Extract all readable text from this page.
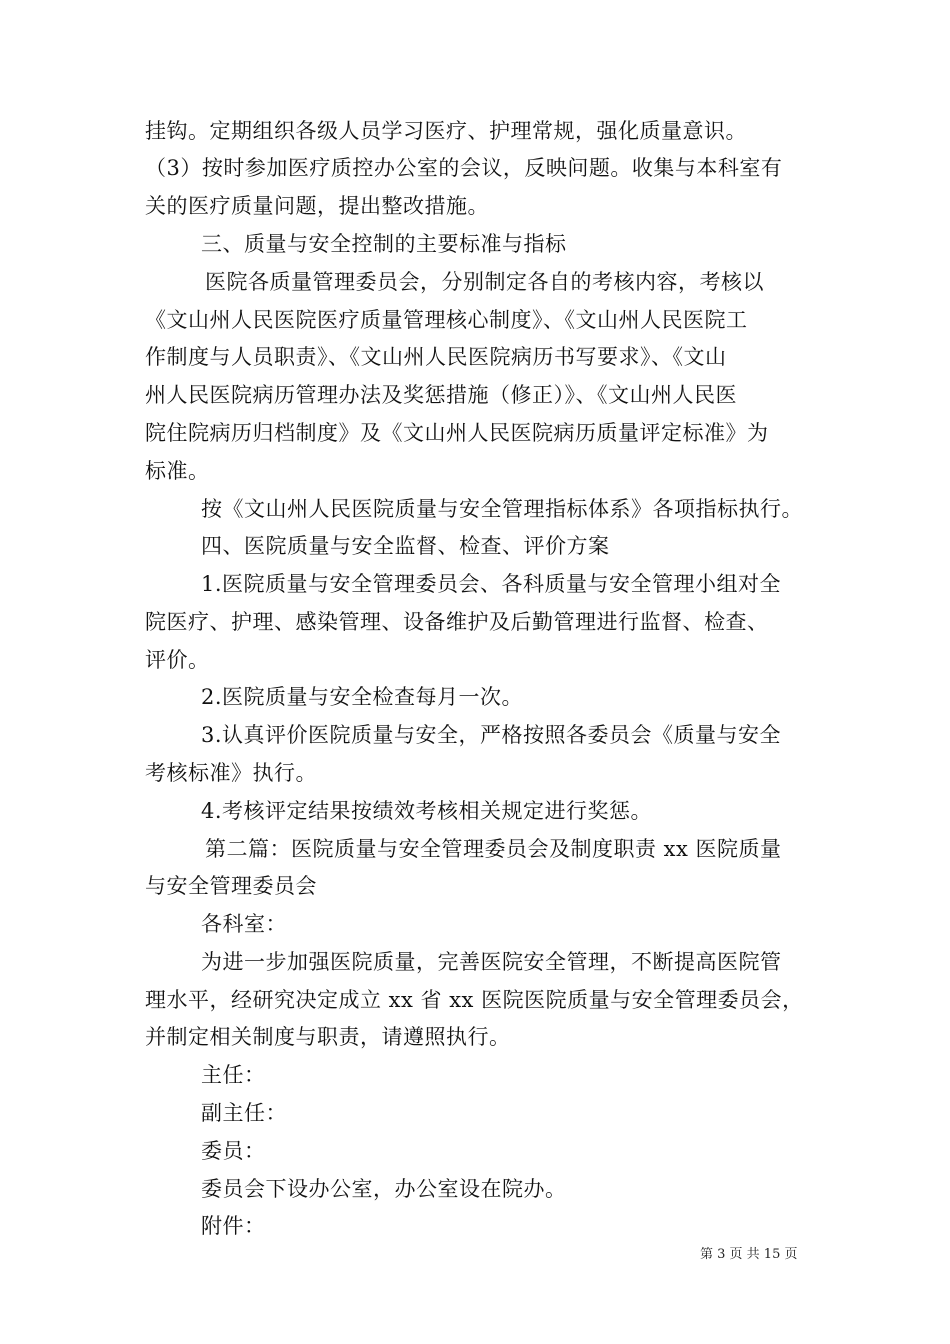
挂钩。定期组织各级人员学习医疗、护理常规，强化质量意识。
（3）按时参加医疗质控办公室的会议，反映问题。收集与本科室有
关的医疗质量问题，提出整改措施。
三、质量与安全控制的主要标准与指标
医院各质量管理委员会，分别制定各自的考核内容，考核以
《文山州人民医院医疗质量管理核心制度》、《文山州人民医院工
作制度与人员职责》、《文山州人民医院病历书写要求》、《文山
州人民医院病历管理办法及奖惩措施（修正）》、《文山州人民医
院住院病历归档制度》及《文山州人民医院病历质量评定标准》为
标准。
按《文山州人民医院质量与安全管理指标体系》各项指标执行。
四、医院质量与安全监督、检查、评价方案
1.医院质量与安全管理委员会、各科质量与安全管理小组对全
院医疗、护理、感染管理、设备维护及后勤管理进行监督、检查、
评价。
2.医院质量与安全检查每月一次。
3.认真评价医院质量与安全，严格按照各委员会《质量与安全
考核标准》执行。
4.考核评定结果按绩效考核相关规定进行奖惩。
第二篇：医院质量与安全管理委员会及制度职责 xx 医院质量
与安全管理委员会
各科室：
为进一步加强医院质量，完善医院安全管理，不断提高医院管
理水平，经研究决定成立 xx 省 xx 医院医院质量与安全管理委员会，
并制定相关制度与职责，请遵照执行。
主任：
副主任：
委员：
委员会下设办公室，办公室设在院办。
附件：
第 3 页 共 15 页
